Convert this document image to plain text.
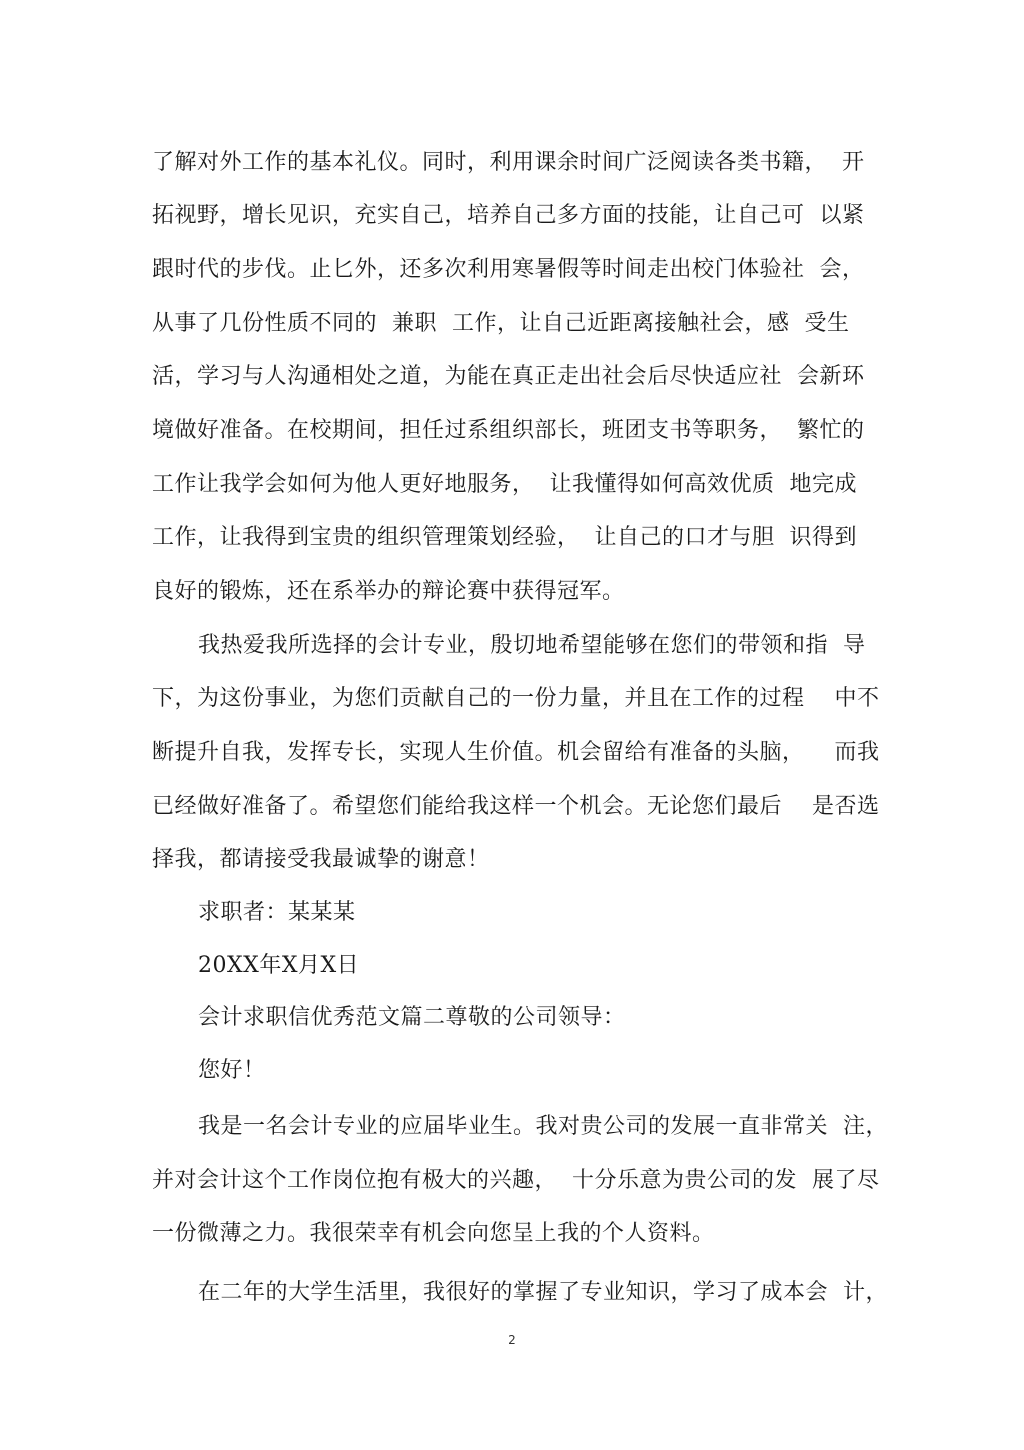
了解对外工作的基本礼仪。同时，利用课余时间广泛阅读各类书籍，  开
拓视野，增长见识，充实自己，培养自己多方面的技能，让自己可  以紧
跟时代的步伐。止匕外，还多次利用寒暑假等时间走出校门体验社  会，
从事了几份性质不同的  兼职  工作，让自己近距离接触社会，感  受生
活，学习与人沟通相处之道，为能在真正走出社会后尽快适应社  会新环
境做好准备。在校期间，担任过系组织部长，班团支书等职务，  繁忙的
工作让我学会如何为他人更好地服务，  让我懂得如何高效优质  地完成
工作，让我得到宝贵的组织管理策划经验，  让自己的口才与胆  识得到
良好的锻炼，还在系举办的辩论赛中获得冠军。
我热爱我所选择的会计专业，殷切地希望能够在您们的带领和指  导
下，为这份事业，为您们贡献自己的一份力量，并且在工作的过程    中不
断提升自我，发挥专长，实现人生价值。机会留给有准备的头脑，    而我
已经做好准备了。希望您们能给我这样一个机会。无论您们最后    是否选
择我，都请接受我最诚挚的谢意！
求职者：某某某
20XX年X月X日
会计求职信优秀范文篇二尊敬的公司领导：
您好！
我是一名会计专业的应届毕业生。我对贵公司的发展一直非常关  注，
并对会计这个工作岗位抱有极大的兴趣，  十分乐意为贵公司的发  展了尽
一份微薄之力。我很荣幸有机会向您呈上我的个人资料。
在二年的大学生活里，我很好的掌握了专业知识，学习了成本会  计，
2
